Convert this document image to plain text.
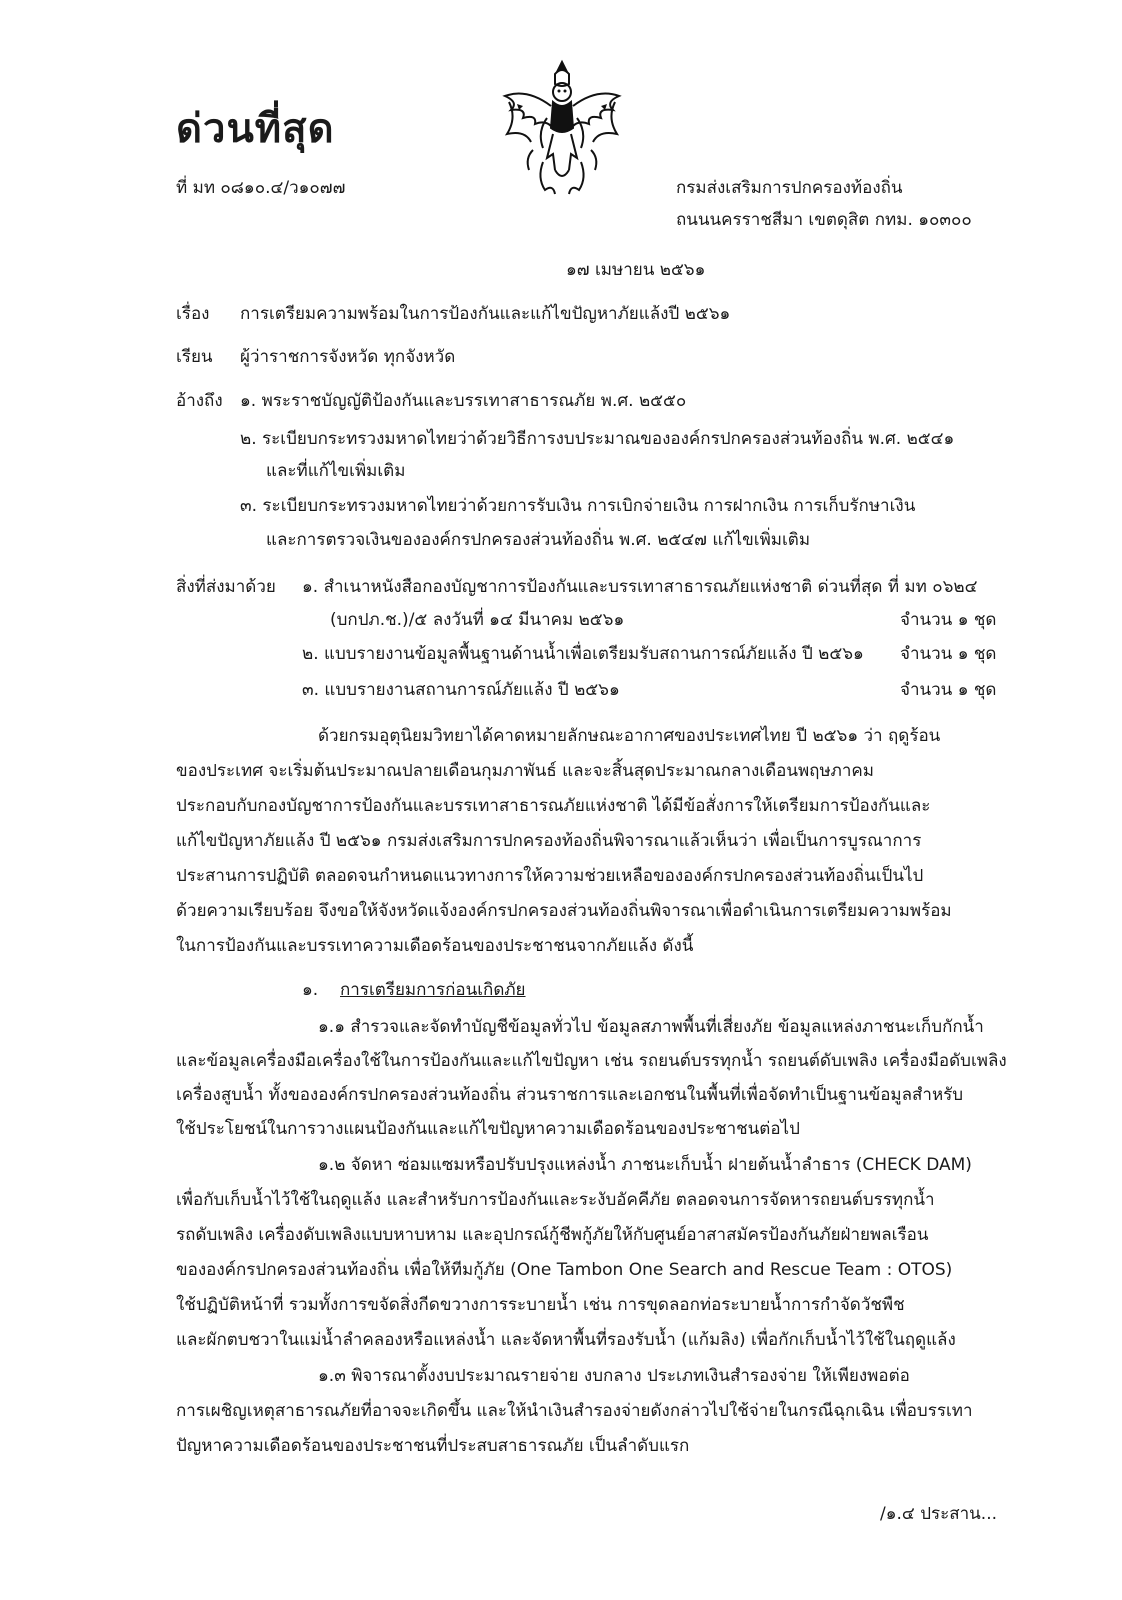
ด่วนที่สุด
ที่ มท ๐๘๑๐.๔/ว๑๐๗๗	กรมส่งเสริมการปกครองท้องถิ่น
ถนนนครราชสีมา เขตดุสิต กทม. ๑๐๓๐๐
๑๗ เมษายน ๒๕๖๑
เรื่อง การเตรียมความพร้อมในการป้องกันและแก้ไขปัญหาภัยแล้งปี ๒๕๖๑
เรียน ผู้ว่าราชการจังหวัด ทุกจังหวัด
อ้างถึง ๑. พระราชบัญญัติป้องกันและบรรเทาสาธารณภัย พ.ศ. ๒๕๕๐
๒. ระเบียบกระทรวงมหาดไทยว่าด้วยวิธีการงบประมาณขององค์กรปกครองส่วนท้องถิ่น พ.ศ. ๒๕๔๑
และที่แก้ไขเพิ่มเติม
๓. ระเบียบกระทรวงมหาดไทยว่าด้วยการรับเงิน การเบิกจ่ายเงิน การฝากเงิน การเก็บรักษาเงิน
และการตรวจเงินขององค์กรปกครองส่วนท้องถิ่น พ.ศ. ๒๕๔๗ แก้ไขเพิ่มเติม
สิ่งที่ส่งมาด้วย ๑. สำเนาหนังสือกองบัญชาการป้องกันและบรรเทาสาธารณภัยแห่งชาติ ด่วนที่สุด ที่ มท ๐๖๒๔
(บกปภ.ช.)/๕ ลงวันที่ ๑๔ มีนาคม ๒๕๖๑	จำนวน ๑ ชุด
๒. แบบรายงานข้อมูลพื้นฐานด้านน้ำเพื่อเตรียมรับสถานการณ์ภัยแล้ง ปี ๒๕๖๑ จำนวน ๑ ชุด
๓. แบบรายงานสถานการณ์ภัยแล้ง ปี ๒๕๖๑	จำนวน ๑ ชุด
ด้วยกรมอุตุนิยมวิทยาได้คาดหมายลักษณะอากาศของประเทศไทย ปี ๒๕๖๑ ว่า ฤดูร้อน
ของประเทศ จะเริ่มต้นประมาณปลายเดือนกุมภาพันธ์ และจะสิ้นสุดประมาณกลางเดือนพฤษภาคม
ประกอบกับกองบัญชาการป้องกันและบรรเทาสาธารณภัยแห่งชาติ ได้มีข้อสั่งการให้เตรียมการป้องกันและ
แก้ไขปัญหาภัยแล้ง ปี ๒๕๖๑ กรมส่งเสริมการปกครองท้องถิ่นพิจารณาแล้วเห็นว่า เพื่อเป็นการบูรณาการ
ประสานการปฏิบัติ ตลอดจนกำหนดแนวทางการให้ความช่วยเหลือขององค์กรปกครองส่วนท้องถิ่นเป็นไป
ด้วยความเรียบร้อย จึงขอให้จังหวัดแจ้งองค์กรปกครองส่วนท้องถิ่นพิจารณาเพื่อดำเนินการเตรียมความพร้อม
ในการป้องกันและบรรเทาความเดือดร้อนของประชาชนจากภัยแล้ง ดังนี้
๑. การเตรียมการก่อนเกิดภัย
๑.๑ สำรวจและจัดทำบัญชีข้อมูลทั่วไป ข้อมูลสภาพพื้นที่เสี่ยงภัย ข้อมูลแหล่งภาชนะเก็บกักน้ำ
และข้อมูลเครื่องมือเครื่องใช้ในการป้องกันและแก้ไขปัญหา เช่น รถยนต์บรรทุกน้ำ รถยนต์ดับเพลิง เครื่องมือดับเพลิง
เครื่องสูบน้ำ ทั้งขององค์กรปกครองส่วนท้องถิ่น ส่วนราชการและเอกชนในพื้นที่เพื่อจัดทำเป็นฐานข้อมูลสำหรับ
ใช้ประโยชน์ในการวางแผนป้องกันและแก้ไขปัญหาความเดือดร้อนของประชาชนต่อไป
๑.๒ จัดหา ซ่อมแซมหรือปรับปรุงแหล่งน้ำ ภาชนะเก็บน้ำ ฝายต้นน้ำลำธาร (CHECK DAM)
เพื่อกับเก็บน้ำไว้ใช้ในฤดูแล้ง และสำหรับการป้องกันและระงับอัคคีภัย ตลอดจนการจัดหารถยนต์บรรทุกน้ำ
รถดับเพลิง เครื่องดับเพลิงแบบหาบหาม และอุปกรณ์กู้ชีพกู้ภัยให้กับศูนย์อาสาสมัครป้องกันภัยฝ่ายพลเรือน
ขององค์กรปกครองส่วนท้องถิ่น เพื่อให้ทีมกู้ภัย (One Tambon One Search and Rescue Team : OTOS)
ใช้ปฏิบัติหน้าที่ รวมทั้งการขจัดสิ่งกีดขวางการระบายน้ำ เช่น การขุดลอกท่อระบายน้ำการกำจัดวัชพืช
และผักตบชวาในแม่น้ำลำคลองหรือแหล่งน้ำ และจัดหาพื้นที่รองรับน้ำ (แก้มลิง) เพื่อกักเก็บน้ำไว้ใช้ในฤดูแล้ง
๑.๓ พิจารณาตั้งงบประมาณรายจ่าย งบกลาง ประเภทเงินสำรองจ่าย ให้เพียงพอต่อ
การเผชิญเหตุสาธารณภัยที่อาจจะเกิดขึ้น และให้นำเงินสำรองจ่ายดังกล่าวไปใช้จ่ายในกรณีฉุกเฉิน เพื่อบรรเทา
ปัญหาความเดือดร้อนของประชาชนที่ประสบสาธารณภัย เป็นลำดับแรก
/๑.๔ ประสาน...
